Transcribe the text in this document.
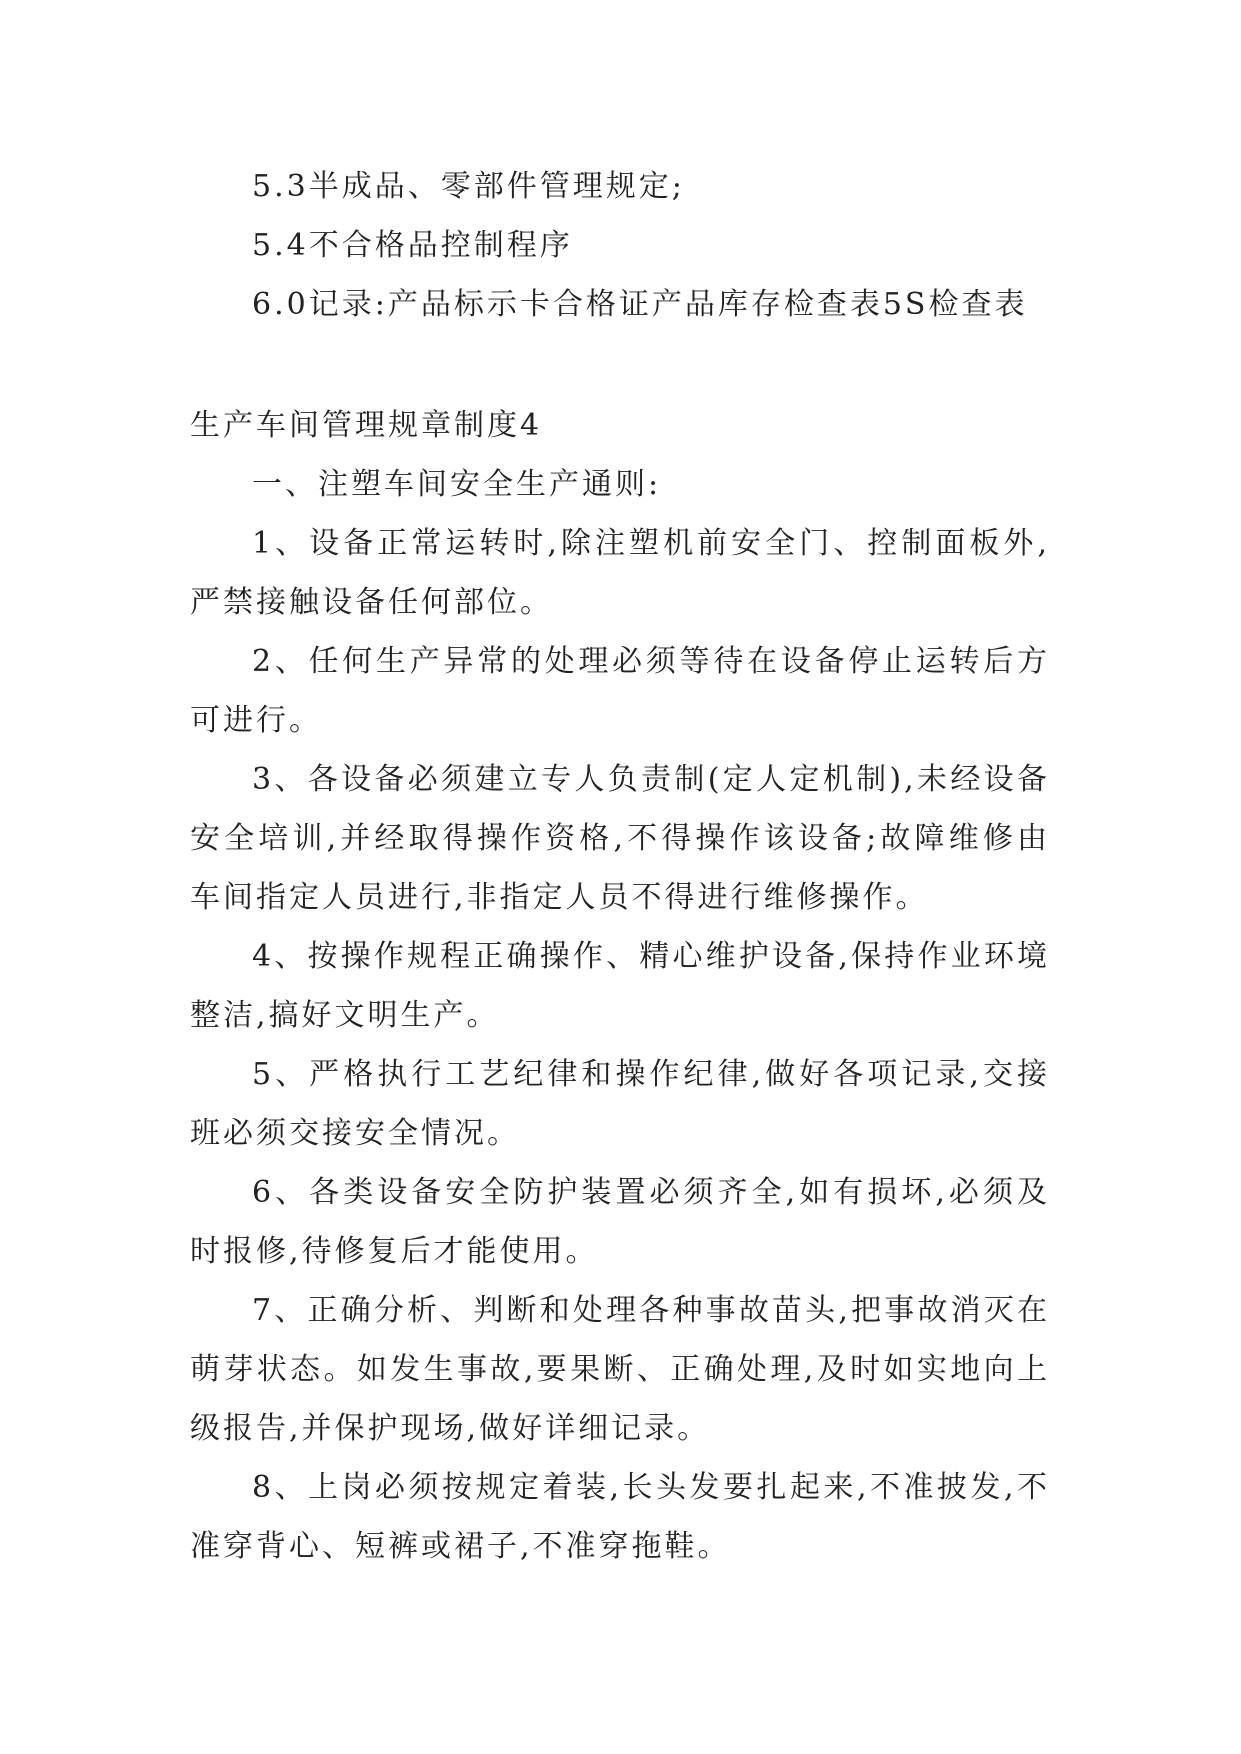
5.3半成品、零部件管理规定;

5.4不合格品控制程序

6.0记录:产品标示卡合格证产品库存检查表5S检查表

生产车间管理规章制度4

一、注塑车间安全生产通则:

1、设备正常运转时,除注塑机前安全门、控制面板外,严禁接触设备任何部位。

2、任何生产异常的处理必须等待在设备停止运转后方可进行。

3、各设备必须建立专人负责制(定人定机制),未经设备安全培训,并经取得操作资格,不得操作该设备;故障维修由车间指定人员进行,非指定人员不得进行维修操作。

4、按操作规程正确操作、精心维护设备,保持作业环境整洁,搞好文明生产。

5、严格执行工艺纪律和操作纪律,做好各项记录,交接班必须交接安全情况。

6、各类设备安全防护装置必须齐全,如有损坏,必须及时报修,待修复后才能使用。

7、正确分析、判断和处理各种事故苗头,把事故消灭在萌芽状态。如发生事故,要果断、正确处理,及时如实地向上级报告,并保护现场,做好详细记录。

8、上岗必须按规定着装,长头发要扎起来,不准披发,不准穿背心、短裤或裙子,不准穿拖鞋。
